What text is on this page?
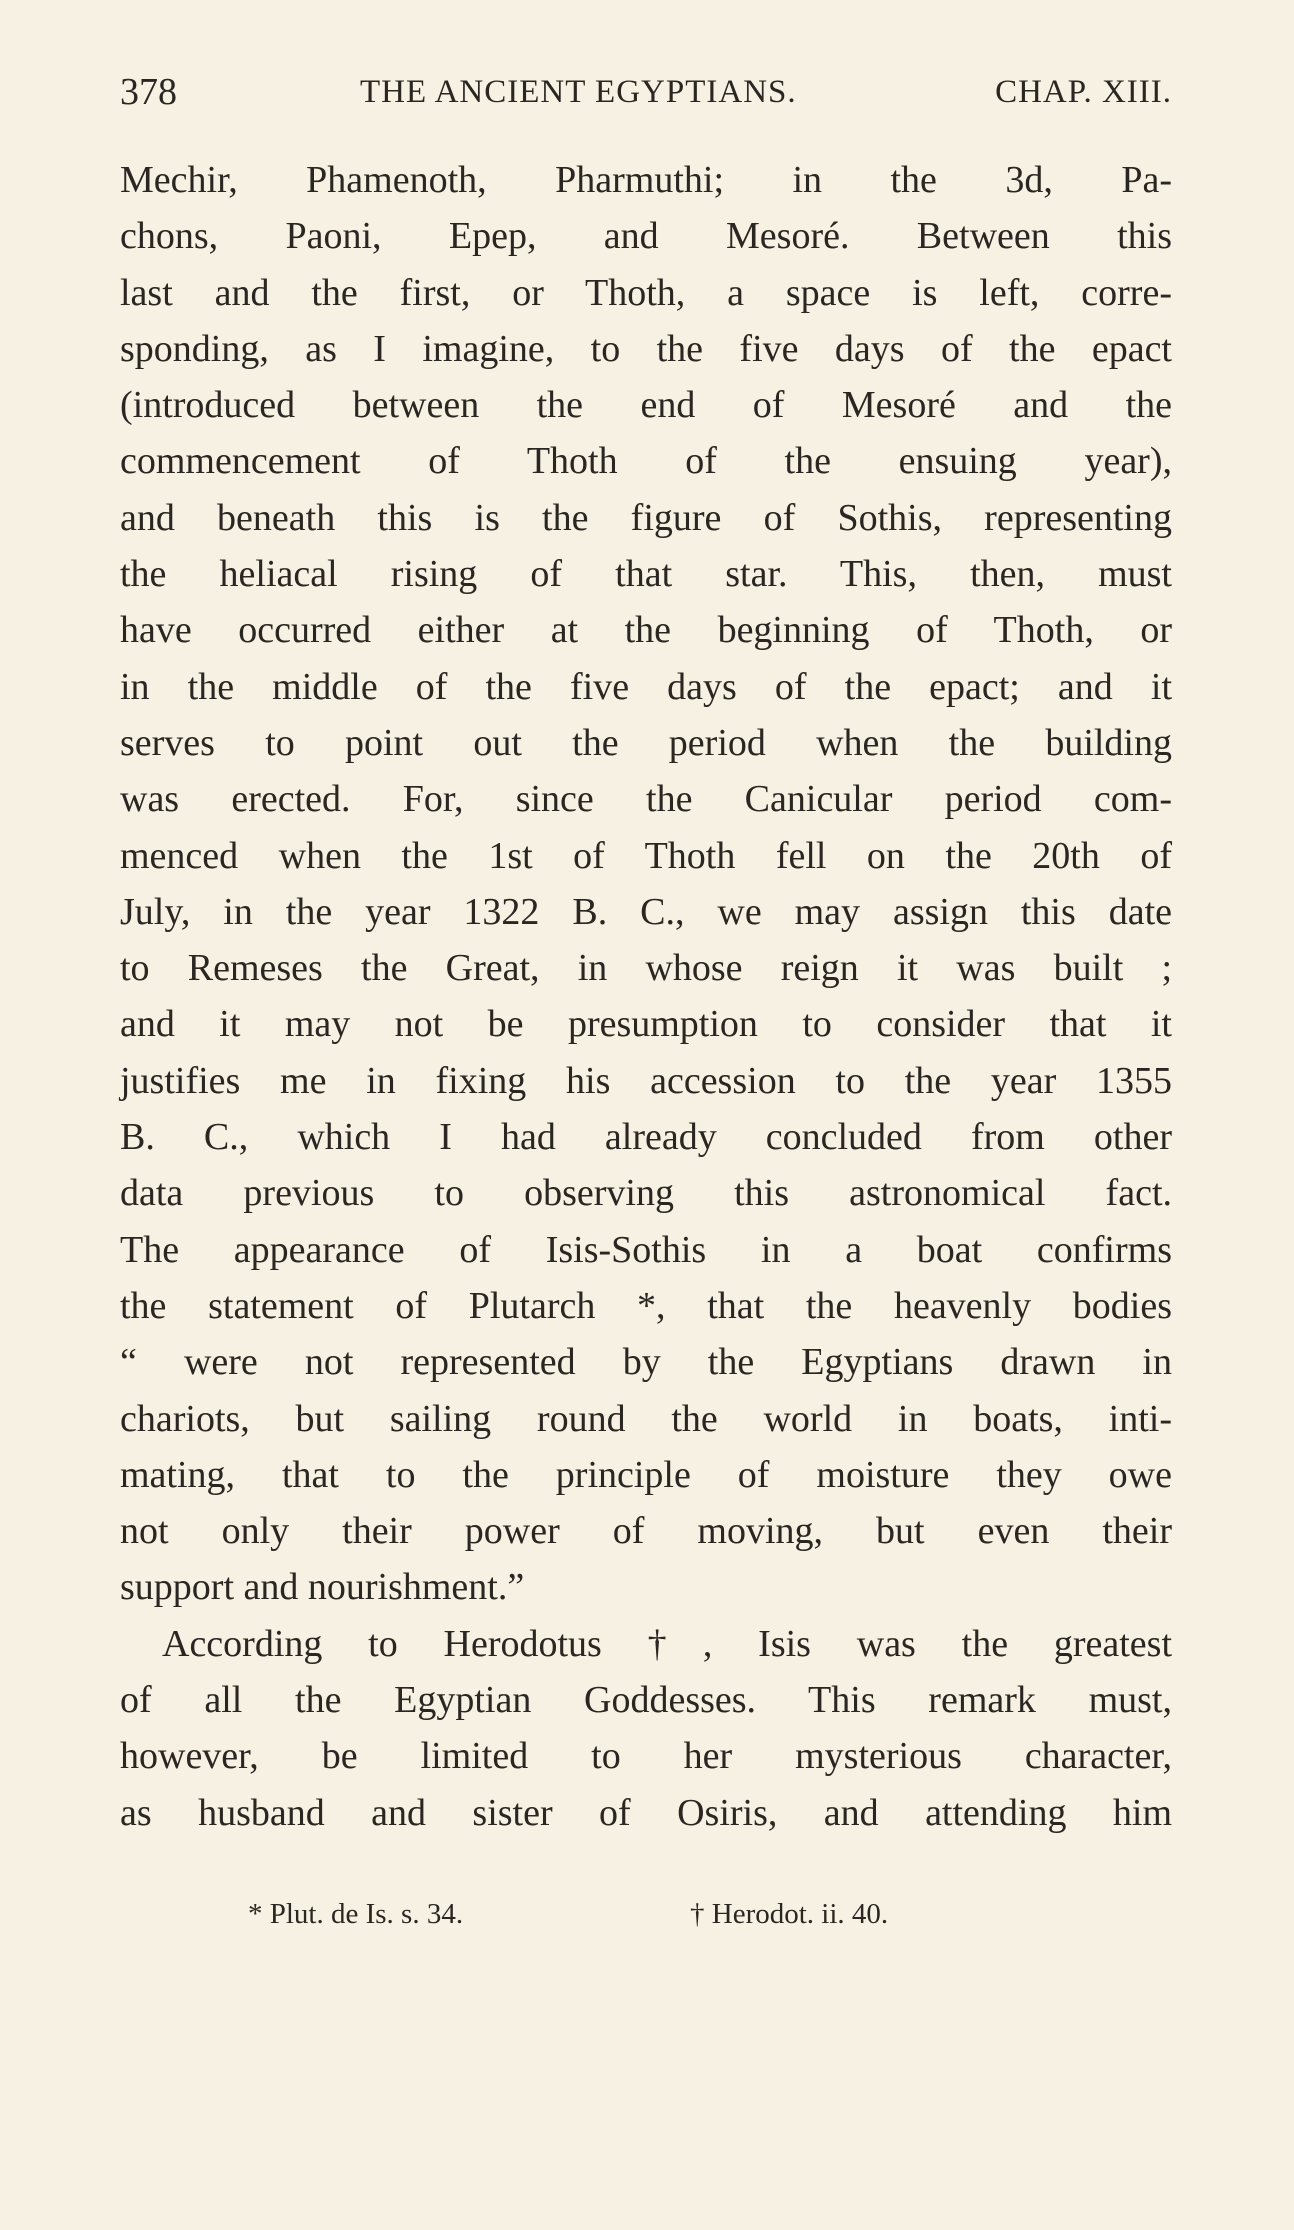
378	THE ANCIENT EGYPTIANS.	CHAP. XIII.
Mechir, Phamenoth, Pharmuthi; in the 3d, Pa-
chons, Paoni, Epep, and Mesoré. Between this
last and the first, or Thoth, a space is left, corre-
sponding, as I imagine, to the five days of the epact
(introduced between the end of Mesoré and the
commencement of Thoth of the ensuing year),
and beneath this is the figure of Sothis, representing
the heliacal rising of that star. This, then, must
have occurred either at the beginning of Thoth, or
in the middle of the five days of the epact; and it
serves to point out the period when the building
was erected. For, since the Canicular period com-
menced when the 1st of Thoth fell on the 20th of
July, in the year 1322 B. C., we may assign this date
to Remeses the Great, in whose reign it was built ;
and it may not be presumption to consider that it
justifies me in fixing his accession to the year 1355
B. C., which I had already concluded from other
data previous to observing this astronomical fact.
The appearance of Isis-Sothis in a boat confirms
the statement of Plutarch *, that the heavenly bodies
“ were not represented by the Egyptians drawn in
chariots, but sailing round the world in boats, inti-
mating, that to the principle of moisture they owe
not only their power of moving, but even their
support and nourishment.”
According to Herodotus †, Isis was the greatest
of all the Egyptian Goddesses. This remark must,
however, be limited to her mysterious character,
as husband and sister of Osiris, and attending him
* Plut. de Is. s. 34.	† Herodot. ii. 40.
